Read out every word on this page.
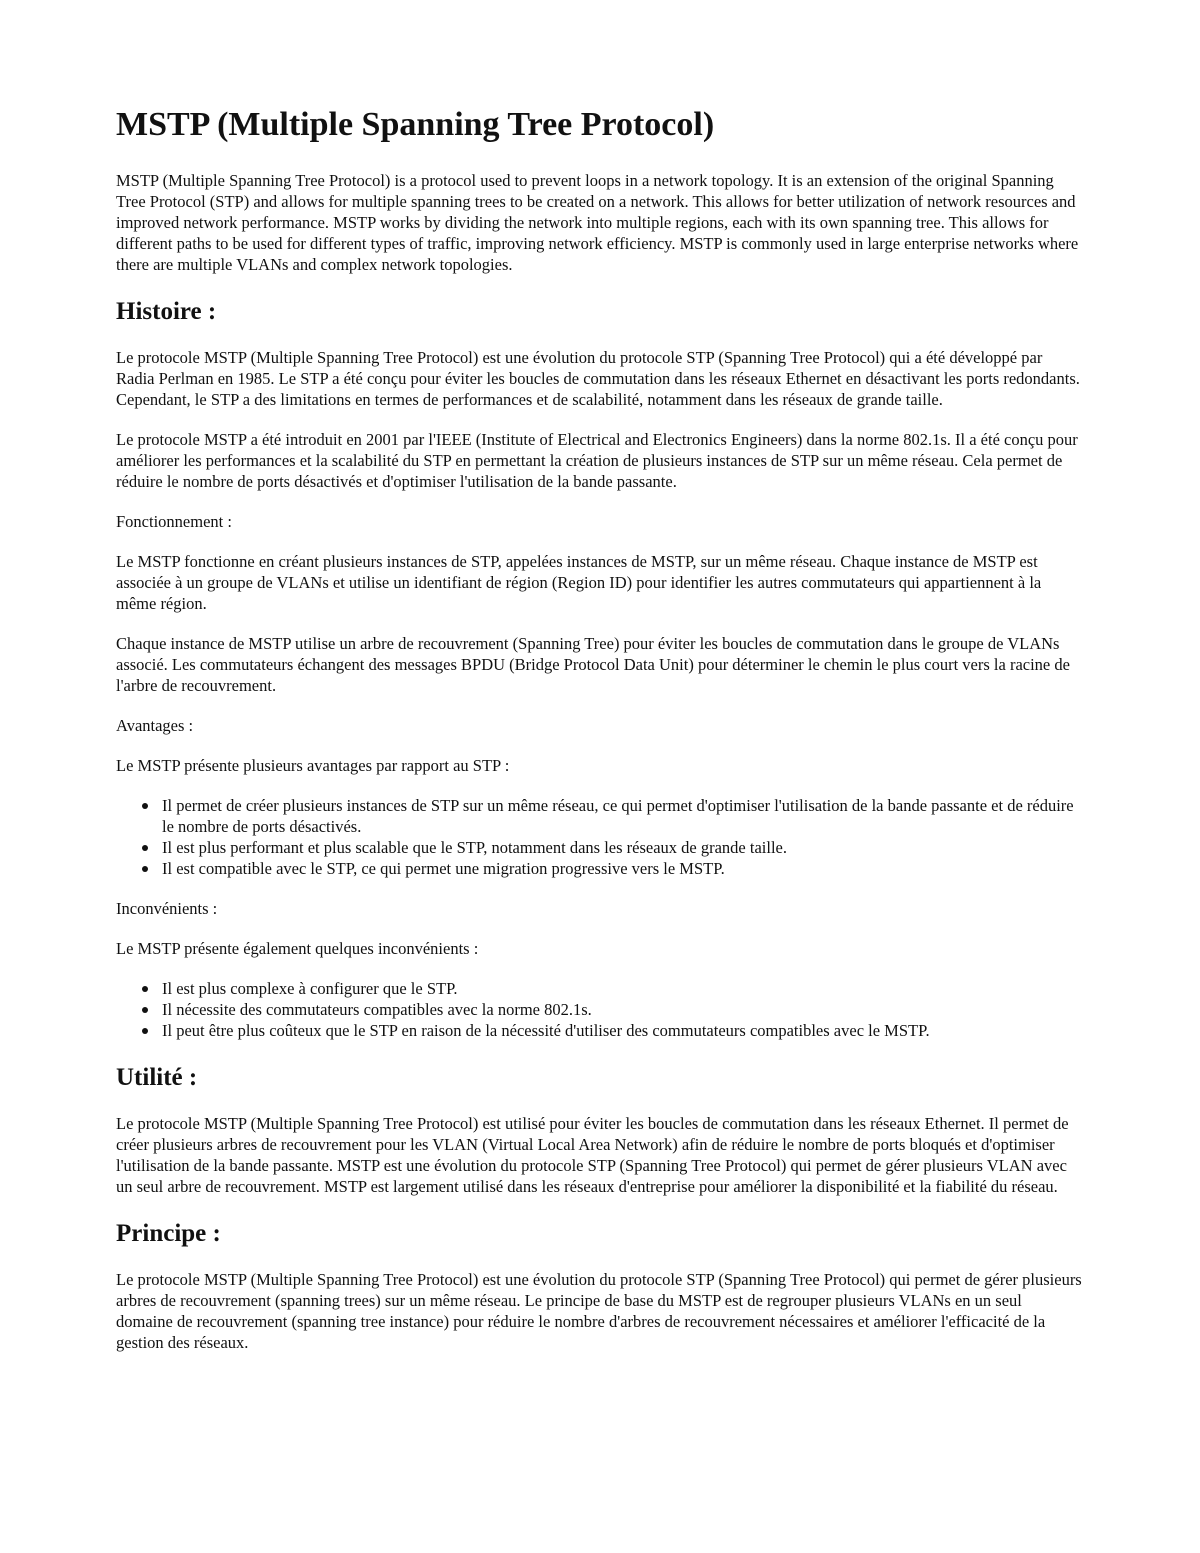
MSTP (Multiple Spanning Tree Protocol)

MSTP (Multiple Spanning Tree Protocol) is a protocol used to prevent loops in a network topology. It is an extension of the original Spanning Tree Protocol (STP) and allows for multiple spanning trees to be created on a network. This allows for better utilization of network resources and improved network performance. MSTP works by dividing the network into multiple regions, each with its own spanning tree. This allows for different paths to be used for different types of traffic, improving network efficiency. MSTP is commonly used in large enterprise networks where there are multiple VLANs and complex network topologies.

Histoire :

Le protocole MSTP (Multiple Spanning Tree Protocol) est une évolution du protocole STP (Spanning Tree Protocol) qui a été développé par Radia Perlman en 1985. Le STP a été conçu pour éviter les boucles de commutation dans les réseaux Ethernet en désactivant les ports redondants. Cependant, le STP a des limitations en termes de performances et de scalabilité, notamment dans les réseaux de grande taille.

Le protocole MSTP a été introduit en 2001 par l'IEEE (Institute of Electrical and Electronics Engineers) dans la norme 802.1s. Il a été conçu pour améliorer les performances et la scalabilité du STP en permettant la création de plusieurs instances de STP sur un même réseau. Cela permet de réduire le nombre de ports désactivés et d'optimiser l'utilisation de la bande passante.

Fonctionnement :

Le MSTP fonctionne en créant plusieurs instances de STP, appelées instances de MSTP, sur un même réseau. Chaque instance de MSTP est associée à un groupe de VLANs et utilise un identifiant de région (Region ID) pour identifier les autres commutateurs qui appartiennent à la même région.

Chaque instance de MSTP utilise un arbre de recouvrement (Spanning Tree) pour éviter les boucles de commutation dans le groupe de VLANs associé. Les commutateurs échangent des messages BPDU (Bridge Protocol Data Unit) pour déterminer le chemin le plus court vers la racine de l'arbre de recouvrement.

Avantages :

Le MSTP présente plusieurs avantages par rapport au STP :

Il permet de créer plusieurs instances de STP sur un même réseau, ce qui permet d'optimiser l'utilisation de la bande passante et de réduire le nombre de ports désactivés.
Il est plus performant et plus scalable que le STP, notamment dans les réseaux de grande taille.
Il est compatible avec le STP, ce qui permet une migration progressive vers le MSTP.

Inconvénients :

Le MSTP présente également quelques inconvénients :

Il est plus complexe à configurer que le STP.
Il nécessite des commutateurs compatibles avec la norme 802.1s.
Il peut être plus coûteux que le STP en raison de la nécessité d'utiliser des commutateurs compatibles avec le MSTP.
Utilité :

Le protocole MSTP (Multiple Spanning Tree Protocol) est utilisé pour éviter les boucles de commutation dans les réseaux Ethernet. Il permet de créer plusieurs arbres de recouvrement pour les VLAN (Virtual Local Area Network) afin de réduire le nombre de ports bloqués et d'optimiser l'utilisation de la bande passante. MSTP est une évolution du protocole STP (Spanning Tree Protocol) qui permet de gérer plusieurs VLAN avec un seul arbre de recouvrement. MSTP est largement utilisé dans les réseaux d'entreprise pour améliorer la disponibilité et la fiabilité du réseau.

Principe :

Le protocole MSTP (Multiple Spanning Tree Protocol) est une évolution du protocole STP (Spanning Tree Protocol) qui permet de gérer plusieurs arbres de recouvrement (spanning trees) sur un même réseau. Le principe de base du MSTP est de regrouper plusieurs VLANs en un seul domaine de recouvrement (spanning tree instance) pour réduire le nombre d'arbres de recouvrement nécessaires et améliorer l'efficacité de la gestion des réseaux.
